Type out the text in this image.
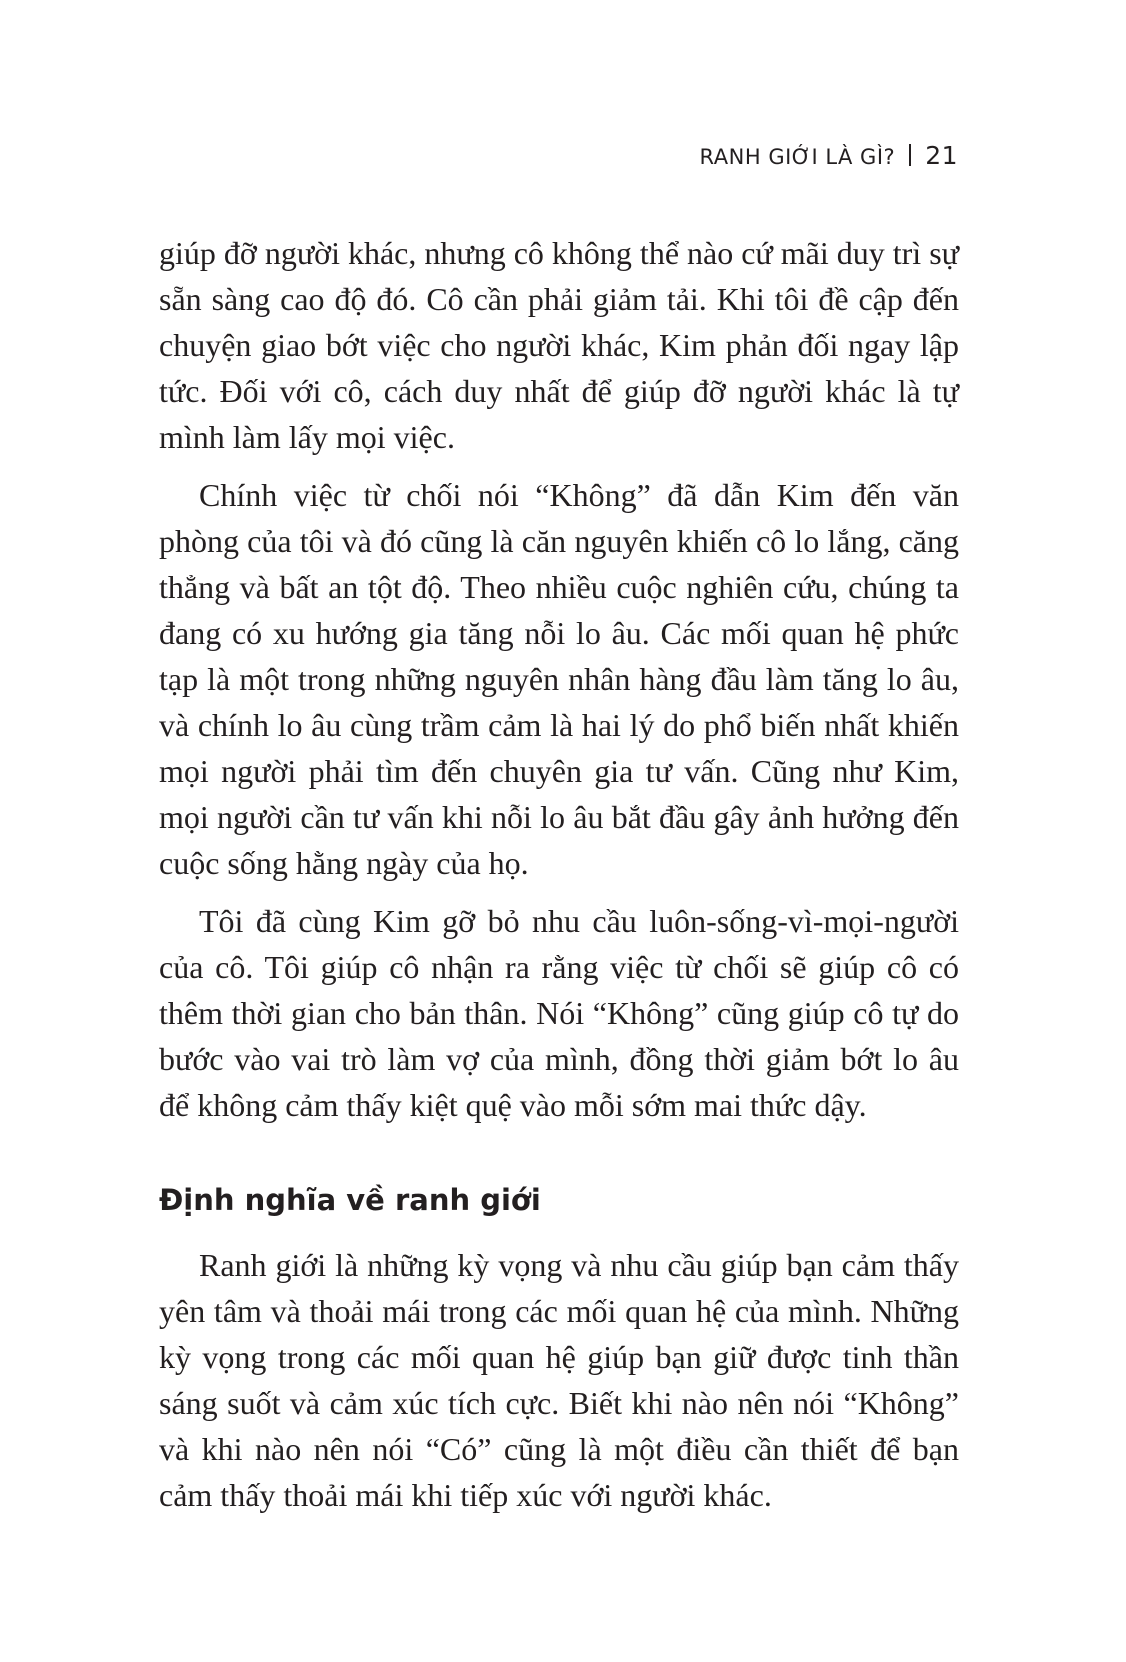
RANH GIỚI LÀ GÌ? 21

giúp đỡ người khác, nhưng cô không thể nào cứ mãi duy trì sự sẵn sàng cao độ đó. Cô cần phải giảm tải. Khi tôi đề cập đến chuyện giao bớt việc cho người khác, Kim phản đối ngay lập tức. Đối với cô, cách duy nhất để giúp đỡ người khác là tự mình làm lấy mọi việc.

Chính việc từ chối nói “Không” đã dẫn Kim đến văn phòng của tôi và đó cũng là căn nguyên khiến cô lo lắng, căng thẳng và bất an tột độ. Theo nhiều cuộc nghiên cứu, chúng ta đang có xu hướng gia tăng nỗi lo âu. Các mối quan hệ phức tạp là một trong những nguyên nhân hàng đầu làm tăng lo âu, và chính lo âu cùng trầm cảm là hai lý do phổ biến nhất khiến mọi người phải tìm đến chuyên gia tư vấn. Cũng như Kim, mọi người cần tư vấn khi nỗi lo âu bắt đầu gây ảnh hưởng đến cuộc sống hằng ngày của họ.

Tôi đã cùng Kim gỡ bỏ nhu cầu luôn-sống-vì-mọi-người của cô. Tôi giúp cô nhận ra rằng việc từ chối sẽ giúp cô có thêm thời gian cho bản thân. Nói “Không” cũng giúp cô tự do bước vào vai trò làm vợ của mình, đồng thời giảm bớt lo âu để không cảm thấy kiệt quệ vào mỗi sớm mai thức dậy.

Định nghĩa về ranh giới

Ranh giới là những kỳ vọng và nhu cầu giúp bạn cảm thấy yên tâm và thoải mái trong các mối quan hệ của mình. Những kỳ vọng trong các mối quan hệ giúp bạn giữ được tinh thần sáng suốt và cảm xúc tích cực. Biết khi nào nên nói “Không” và khi nào nên nói “Có” cũng là một điều cần thiết để bạn cảm thấy thoải mái khi tiếp xúc với người khác.
